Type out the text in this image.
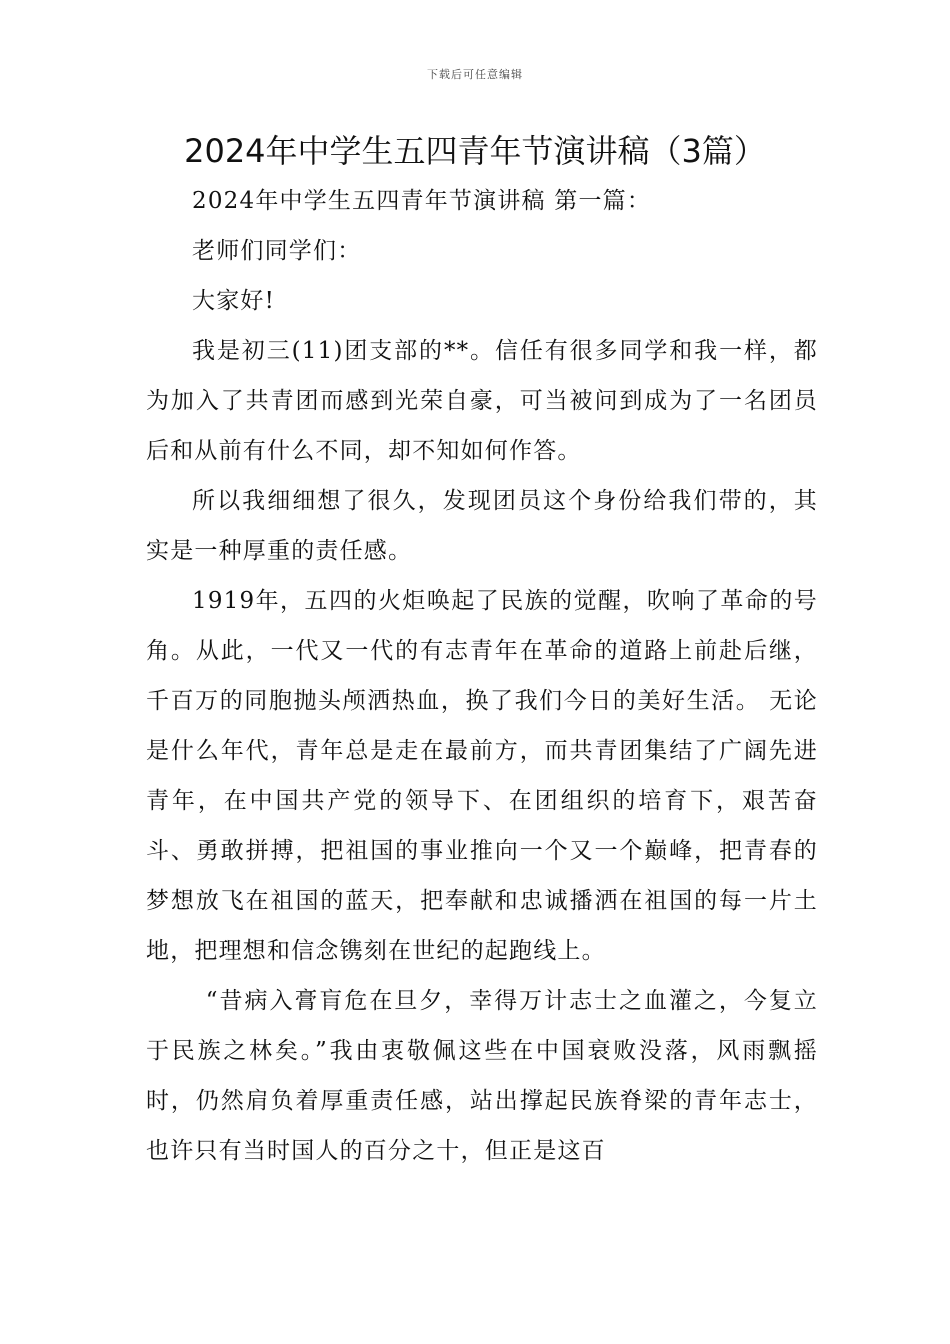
下载后可任意编辑
2024年中学生五四青年节演讲稿（3篇）

2024年中学生五四青年节演讲稿 第一篇：

老师们同学们：

大家好!

我是初三(11)团支部的**。信任有很多同学和我一样，都为加入了共青团而感到光荣自豪，可当被问到成为了一名团员后和从前有什么不同，却不知如何作答。

所以我细细想了很久，发现团员这个身份给我们带的，其实是一种厚重的责任感。

1919年，五四的火炬唤起了民族的觉醒，吹响了革命的号角。从此，一代又一代的有志青年在革命的道路上前赴后继，千百万的同胞抛头颅洒热血，换了我们今日的美好生活。 无论是什么年代，青年总是走在最前方，而共青团集结了广阔先进青年，在中国共产党的领导下、在团组织的培育下，艰苦奋斗、勇敢拼搏，把祖国的事业推向一个又一个巅峰，把青春的梦想放飞在祖国的蓝天，把奉献和忠诚播洒在祖国的每一片土地，把理想和信念镌刻在世纪的起跑线上。

“昔病入膏肓危在旦夕，幸得万计志士之血灌之，今复立于民族之林矣。”我由衷敬佩这些在中国衰败没落，风雨飘摇时，仍然肩负着厚重责任感，站出撑起民族脊梁的青年志士，也许只有当时国人的百分之十，但正是这百
